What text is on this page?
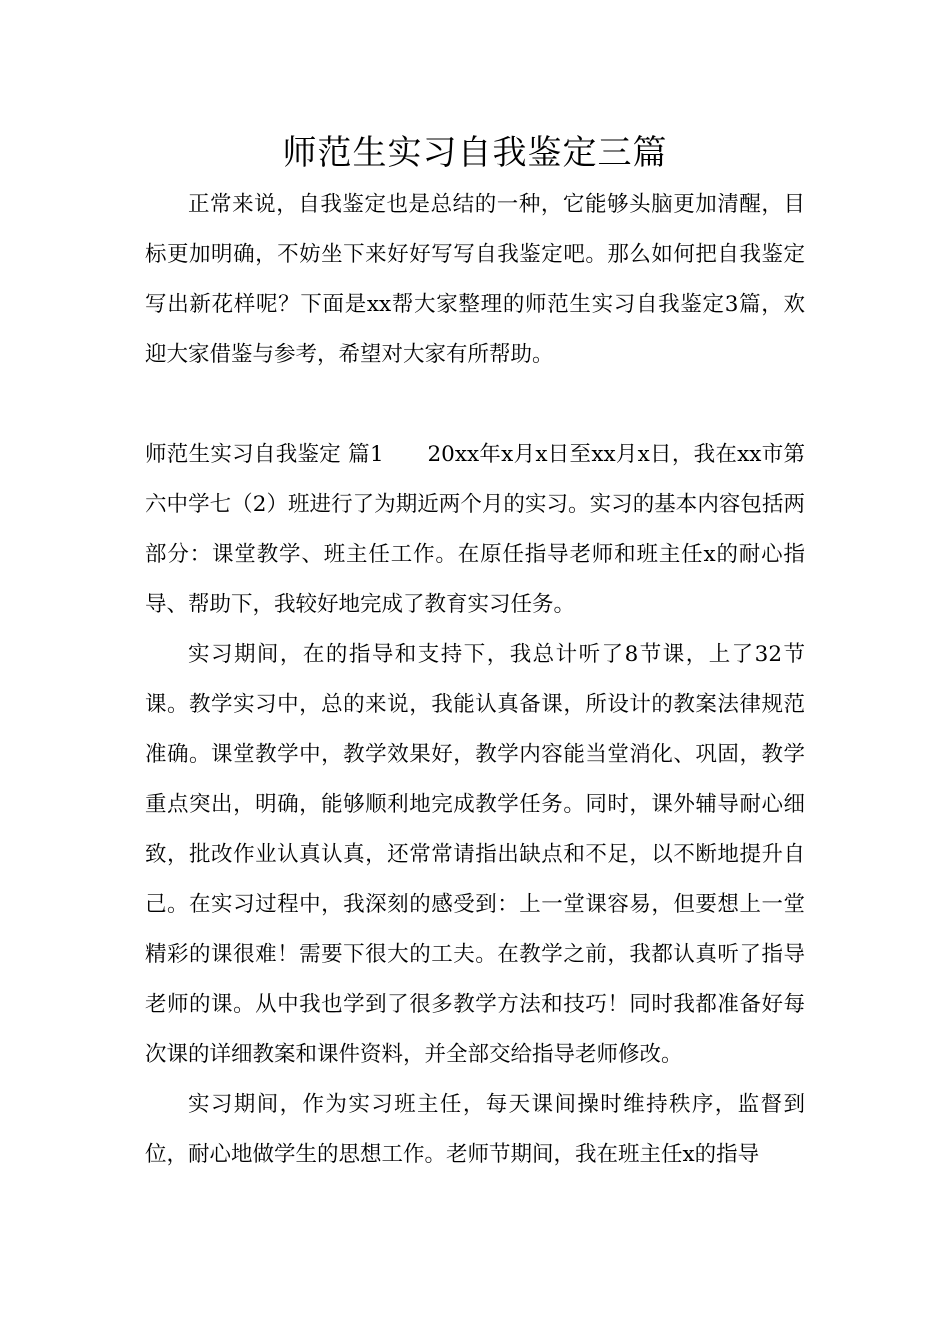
师范生实习自我鉴定三篇

正常来说，自我鉴定也是总结的一种，它能够头脑更加清醒，目标更加明确，不妨坐下来好好写写自我鉴定吧。那么如何把自我鉴定写出新花样呢？下面是xx帮大家整理的师范生实习自我鉴定3篇，欢迎大家借鉴与参考，希望对大家有所帮助。

师范生实习自我鉴定 篇1　　20xx年x月x日至xx月x日，我在xx市第六中学七（2）班进行了为期近两个月的实习。实习的基本内容包括两部分：课堂教学、班主任工作。在原任指导老师和班主任x的耐心指导、帮助下，我较好地完成了教育实习任务。

实习期间，在的指导和支持下，我总计听了8节课，上了32节课。教学实习中，总的来说，我能认真备课，所设计的教案法律规范准确。课堂教学中，教学效果好，教学内容能当堂消化、巩固，教学重点突出，明确，能够顺利地完成教学任务。同时，课外辅导耐心细致，批改作业认真认真，还常常请指出缺点和不足，以不断地提升自己。在实习过程中，我深刻的感受到：上一堂课容易，但要想上一堂精彩的课很难！需要下很大的工夫。在教学之前，我都认真听了指导老师的课。从中我也学到了很多教学方法和技巧！同时我都准备好每次课的详细教案和课件资料，并全部交给指导老师修改。

实习期间，作为实习班主任，每天课间操时维持秩序，监督到位，耐心地做学生的思想工作。老师节期间，我在班主任x的指导
